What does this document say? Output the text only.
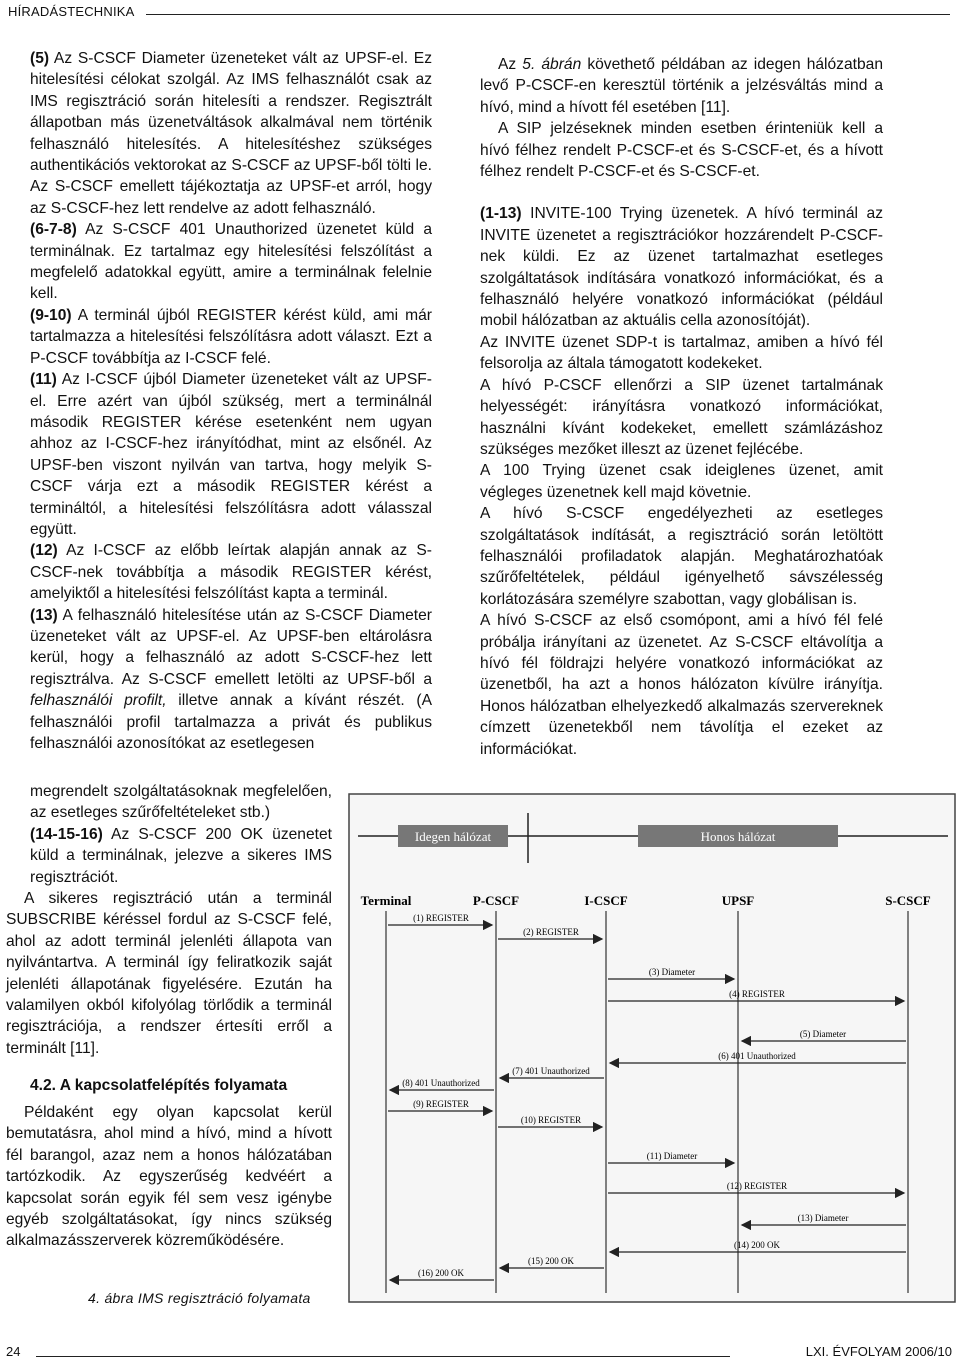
HÍRADÁSTECHNIKA

(5) Az S-CSCF Diameter üzeneteket vált az UPSF-el. Ez hitelesítési célokat szolgál. Az IMS felhasználót csak az IMS regisztráció során hitelesíti a rendszer. Regisztrált állapotban más üzenetváltások alkalmával nem történik felhasználó hitelesítés. A hitelesítéshez szükséges authentikációs vektorokat az S-CSCF az UPSF-ből tölti le. Az S-CSCF emellett tájékoztatja az UPSF-et arról, hogy az S-CSCF-hez lett rendelve az adott felhasználó.

(6-7-8) Az S-CSCF 401 Unauthorized üzenetet küld a terminálnak. Ez tartalmaz egy hitelesítési felszólítást a megfelelő adatokkal együtt, amire a terminálnak felelnie kell.

(9-10) A terminál újból REGISTER kérést küld, ami már tartalmazza a hitelesítési felszólításra adott választ. Ezt a P-CSCF továbbítja az I-CSCF felé.

(11) Az I-CSCF újból Diameter üzeneteket vált az UPSF-el. Erre azért van újból szükség, mert a terminálnál második REGISTER kérése esetenként nem ugyan ahhoz az I-CSCF-hez irányítódhat, mint az elsőnél. Az UPSF-ben viszont nyilván van tartva, hogy melyik S-CSCF várja ezt a második REGISTER kérést a termináltól, a hitelesítési felszólításra adott válasszal együtt.

(12) Az I-CSCF az előbb leírtak alapján annak az S-CSCF-nek továbbítja a második REGISTER kérést, amelyiktől a hitelesítési felszólítást kapta a terminál.

(13) A felhasználó hitelesítése után az S-CSCF Diameter üzeneteket vált az UPSF-el. Az UPSF-ben eltárolásra kerül, hogy a felhasználó az adott S-CSCF-hez lett regisztrálva. Az S-CSCF emellett letölti az UPSF-ből a felhasználói profilt, illetve annak a kívánt részét. (A felhasználói profil tartalmazza a privát és publikus felhasználói azonosítókat az esetlegesen

megrendelt szolgáltatásoknak megfelelően, az esetleges szűrőfeltételeket stb.)

(14-15-16) Az S-CSCF 200 OK üzenetet küld a terminálnak, jelezve a sikeres IMS regisztrációt.

A sikeres regisztráció után a terminál SUBSCRIBE kéréssel fordul az S-CSCF felé, ahol az adott terminál jelenléti állapota van nyilvántartva. A terminál így feliratkozik saját jelenléti állapotának figyelésére. Ezután ha valamilyen okból kifolyólag törlődik a terminál regisztrációja, a rendszer értesíti erről a terminált [11].

4.2. A kapcsolatfelépítés folyamata

Példaként egy olyan kapcsolat kerül bemutatásra, ahol mind a hívó, mind a hívott fél barangol, azaz nem a honos hálózatában tartózkodik. Az egyszerűség kedvéért a kapcsolat során egyik fél sem vesz igénybe egyéb szolgáltatásokat, így nincs szükség alkalmazásszerverek közreműködésére.

Az 5. ábrán követhető példában az idegen hálózatban levő P-CSCF-en keresztül történik a jelzésváltás mind a hívó, mind a hívott fél esetében [11].

A SIP jelzéseknek minden esetben érinteniük kell a hívó félhez rendelt P-CSCF-et és S-CSCF-et, és a hívott félhez rendelt P-CSCF-et és S-CSCF-et.

(1-13) INVITE-100 Trying üzenetek. A hívó terminál az INVITE üzenetet a regisztrációkor hozzárendelt P-CSCF-nek küldi. Ez az üzenet tartalmazhat esetleges szolgáltatások indítására vonatkozó információkat, és a felhasználó helyére vonatkozó információkat (például mobil hálózatban az aktuális cella azonosítóját).

Az INVITE üzenet SDP-t is tartalmaz, amiben a hívó fél felsorolja az általa támogatott kodekeket.

A hívó P-CSCF ellenőrzi a SIP üzenet tartalmának helyességét: irányításra vonatkozó információkat, használni kívánt kodekeket, emellett számlázáshoz szükséges mezőket illeszt az üzenet fejlécébe.

A 100 Trying üzenet csak ideiglenes üzenet, amit végleges üzenetnek kell majd követnie.

A hívó S-CSCF engedélyezheti az esetleges szolgáltatások indítását, a regisztráció során letöltött felhasználói profiladatok alapján. Meghatározhatóak szűrőfeltételek, például igényelhető sávszélesség korlátozására személyre szabottan, vagy globálisan is.

A hívó S-CSCF az első csomópont, ami a hívó fél felé próbálja irányítani az üzenetet. Az S-CSCF eltávolítja a hívó fél földrajzi helyére vonatkozó információkat az üzenetből, ha azt a honos hálózaton kívülre irányítja. Honos hálózatban elhelyezkedő alkalmazás szervereknek címzett üzenetekből nem távolítja el ezeket az információkat.

Idegen hálózat	Honos hálózat
Terminal	P-CSCF	I-CSCF	UPSF	S-CSCF
(1) REGISTER
(2) REGISTER
(3) Diameter
(4) REGISTER
(5) Diameter
(6) 401 Unauthorized
(7) 401 Unauthorized
(8) 401 Unauthorized
(9) REGISTER
(10) REGISTER
(11) Diameter
(12) REGISTER
(13) Diameter
(14) 200 OK
(15) 200 OK
(16) 200 OK
4. ábra IMS regisztráció folyamata
24	LXI. ÉVFOLYAM 2006/10
